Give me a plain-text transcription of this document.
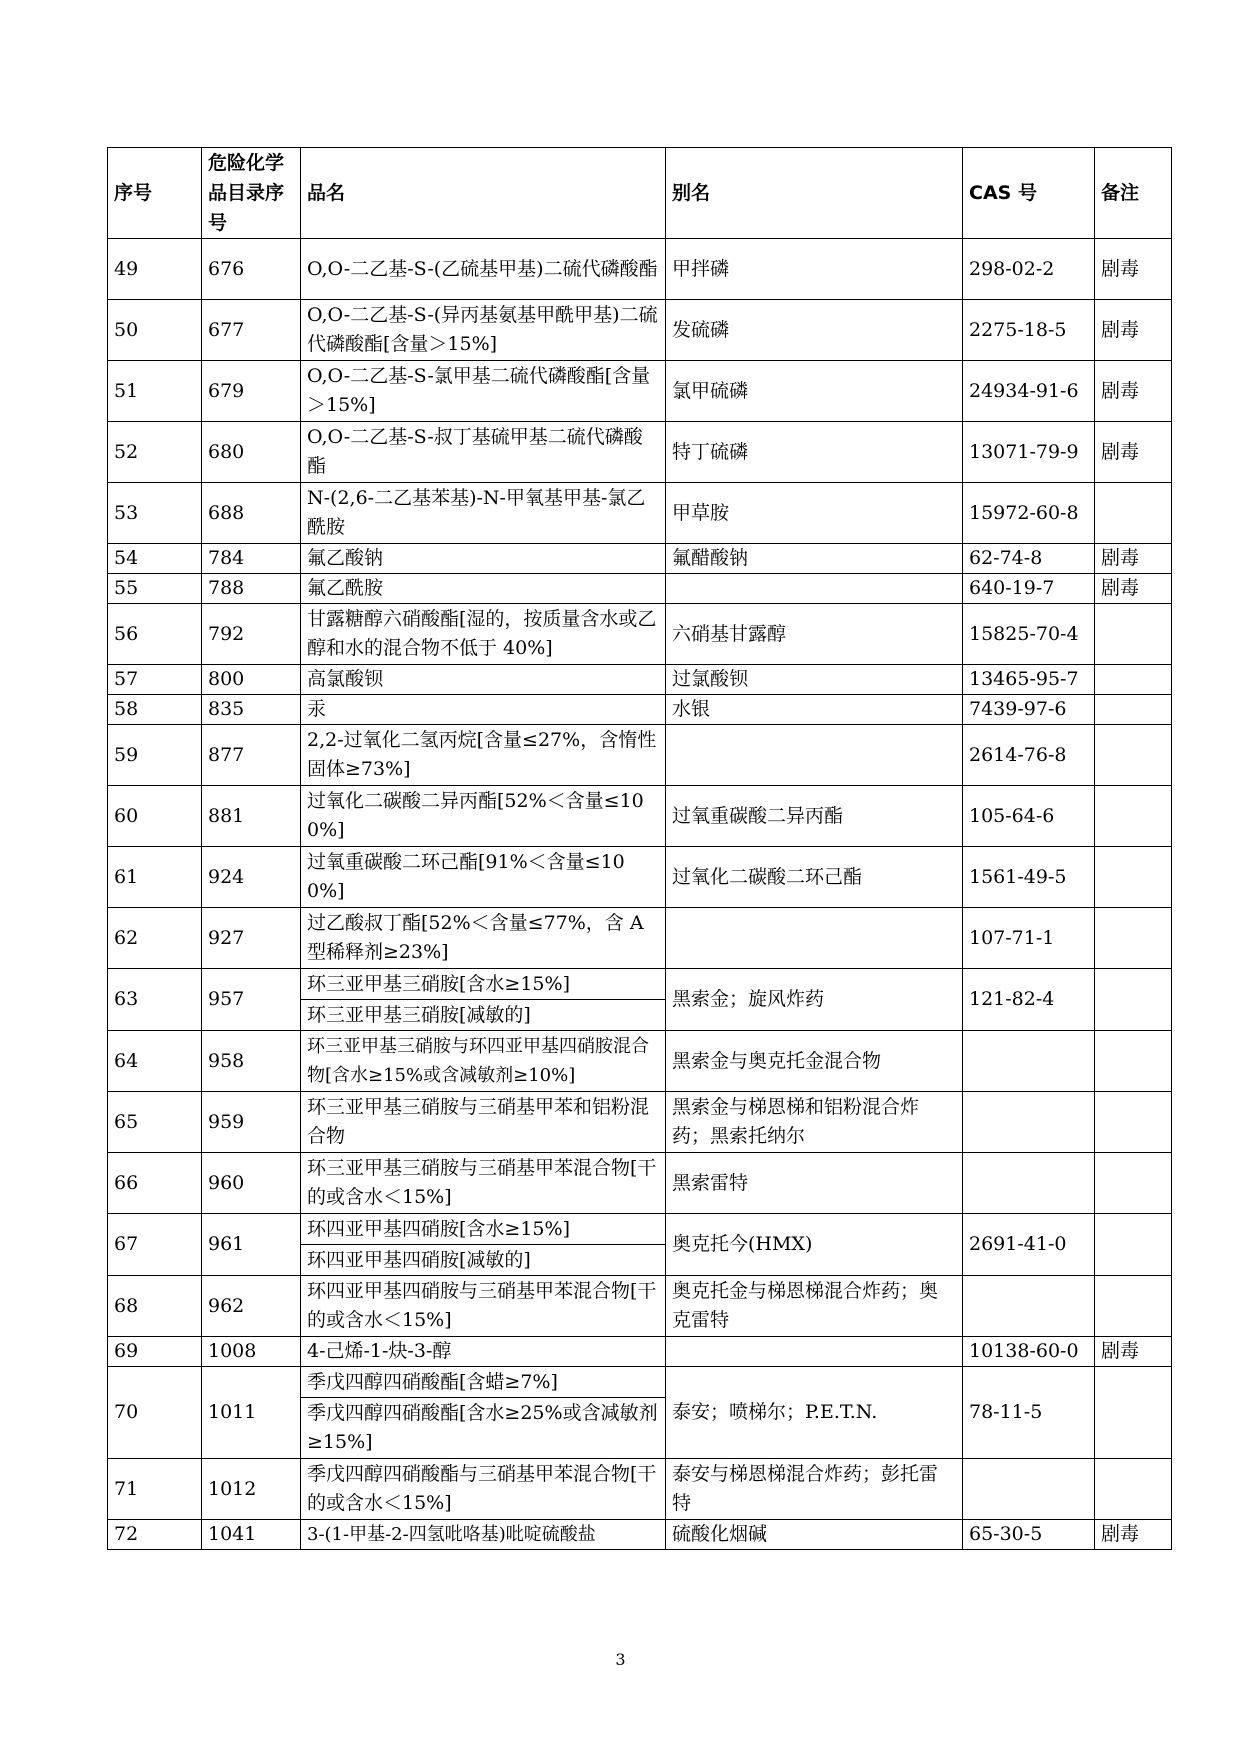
序号	危险化学品目录序号	品名	别名	CAS 号	备注
49	676	O,O-二乙基-S-(乙硫基甲基)二硫代磷酸酯	甲拌磷	298-02-2	剧毒
50	677	O,O-二乙基-S-(异丙基氨基甲酰甲基)二硫代磷酸酯[含量＞15%]	发硫磷	2275-18-5	剧毒
51	679	O,O-二乙基-S-氯甲基二硫代磷酸酯[含量＞15%]	氯甲硫磷	24934-91-6	剧毒
52	680	O,O-二乙基-S-叔丁基硫甲基二硫代磷酸酯	特丁硫磷	13071-79-9	剧毒
53	688	N-(2,6-二乙基苯基)-N-甲氧基甲基-氯乙酰胺	甲草胺	15972-60-8	
54	784	氟乙酸钠	氟醋酸钠	62-74-8	剧毒
55	788	氟乙酰胺		640-19-7	剧毒
56	792	甘露糖醇六硝酸酯[湿的，按质量含水或乙醇和水的混合物不低于 40%]	六硝基甘露醇	15825-70-4	
57	800	高氯酸钡	过氯酸钡	13465-95-7	
58	835	汞	水银	7439-97-6	
59	877	2,2-过氧化二氢丙烷[含量≤27%，含惰性固体≥73%]		2614-76-8	
60	881	过氧化二碳酸二异丙酯[52%＜含量≤100%]	过氧重碳酸二异丙酯	105-64-6	
61	924	过氧重碳酸二环己酯[91%＜含量≤100%]	过氧化二碳酸二环己酯	1561-49-5	
62	927	过乙酸叔丁酯[52%＜含量≤77%，含 A 型稀释剂≥23%]		107-71-1	
63	957	环三亚甲基三硝胺[含水≥15%]	黑索金；旋风炸药	121-82-4	
		环三亚甲基三硝胺[减敏的]			
64	958	环三亚甲基三硝胺与环四亚甲基四硝胺混合物[含水≥15%或含减敏剂≥10%]	黑索金与奥克托金混合物		
65	959	环三亚甲基三硝胺与三硝基甲苯和铝粉混合物	黑索金与梯恩梯和铝粉混合炸药；黑索托纳尔		
66	960	环三亚甲基三硝胺与三硝基甲苯混合物[干的或含水＜15%]	黑索雷特		
67	961	环四亚甲基四硝胺[含水≥15%]	奥克托今(HMX)	2691-41-0	
		环四亚甲基四硝胺[减敏的]			
68	962	环四亚甲基四硝胺与三硝基甲苯混合物[干的或含水＜15%]	奥克托金与梯恩梯混合炸药；奥克雷特		
69	1008	4-己烯-1-炔-3-醇		10138-60-0	剧毒
70	1011	季戊四醇四硝酸酯[含蜡≥7%]	泰安；喷梯尔；P.E.T.N.	78-11-5	
		季戊四醇四硝酸酯[含水≥25%或含减敏剂≥15%]			
71	1012	季戊四醇四硝酸酯与三硝基甲苯混合物[干的或含水＜15%]	泰安与梯恩梯混合炸药；彭托雷特		
72	1041	3-(1-甲基-2-四氢吡咯基)吡啶硫酸盐	硫酸化烟碱	65-30-5	剧毒
3
